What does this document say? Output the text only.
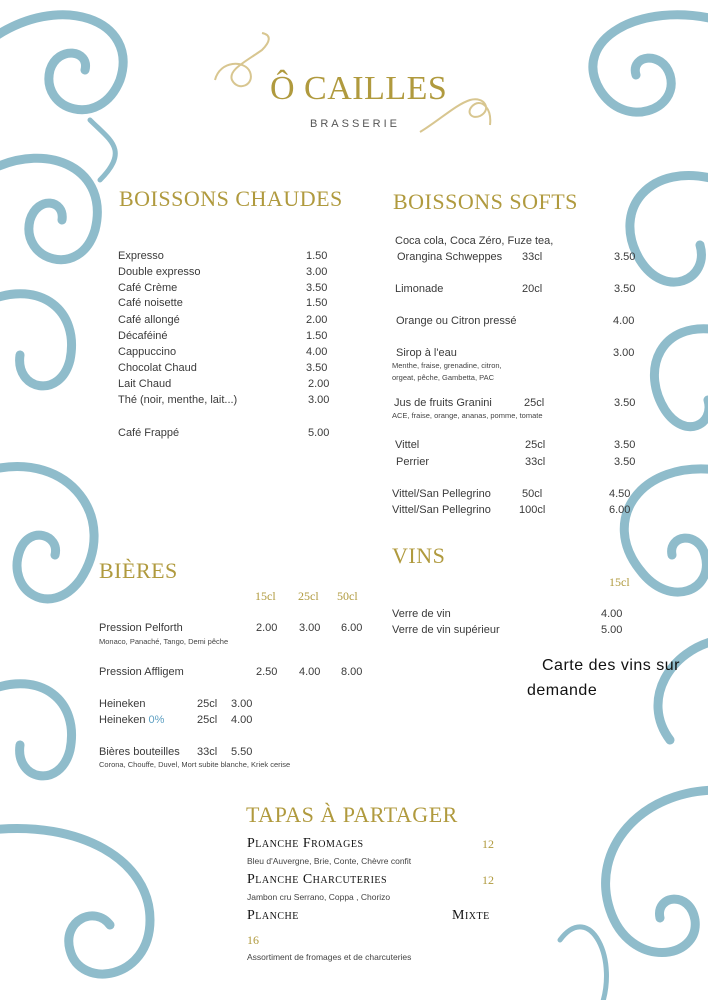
Ô CAILLES
BRASSERIE
BOISSONS CHAUDES
Expresso	1.50
Double expresso	3.00
Café Crème	3.50
Café noisette	1.50
Café allongé	2.00
Décaféiné	1.50
Cappuccino	4.00
Chocolat Chaud	3.50
Lait Chaud	2.00
Thé (noir, menthe, lait...)	3.00
Café Frappé	5.00
BOISSONS SOFTS
Coca cola, Coca Zéro, Fuze tea,
Orangina Schweppes 33cl	3.50
Limonade	20cl	3.50
Orange ou Citron pressé	4.00
Sirop à l'eau	3.00
Menthe, fraise, grenadine, citron,
orgeat, pêche, Gambetta, PAC
Jus de fruits Granini	25cl	3.50
ACE, fraise, orange, ananas, pomme, tomate
Vittel	25cl	3.50
Perrier	33cl	3.50
Vittel/San Pellegrino	50cl	4.50
Vittel/San Pellegrino	100cl	6.00
BIÈRES
15cl 25cl 50cl
Pression Pelforth	2.00 3.00 6.00
Monaco, Panaché, Tango, Demi pêche
Pression Affligem	2.50 4.00 8.00
Heineken	25cl 3.00
Heineken 0%	25cl 4.00
Bières bouteilles 33cl 5.50
Corona, Chouffe, Duvel, Mort subite blanche, Kriek cerise
VINS
15cl
Verre de vin	4.00
Verre de vin supérieur	5.00
Carte des vins sur
demande
TAPAS À PARTAGER
Planche Fromages	12
Bleu d'Auvergne, Brie, Conte, Chèvre confit
Planche Charcuteries	12
Jambon cru Serrano, Coppa , Chorizo
Planche	Mixte
16
Assortiment de fromages et de charcuteries
